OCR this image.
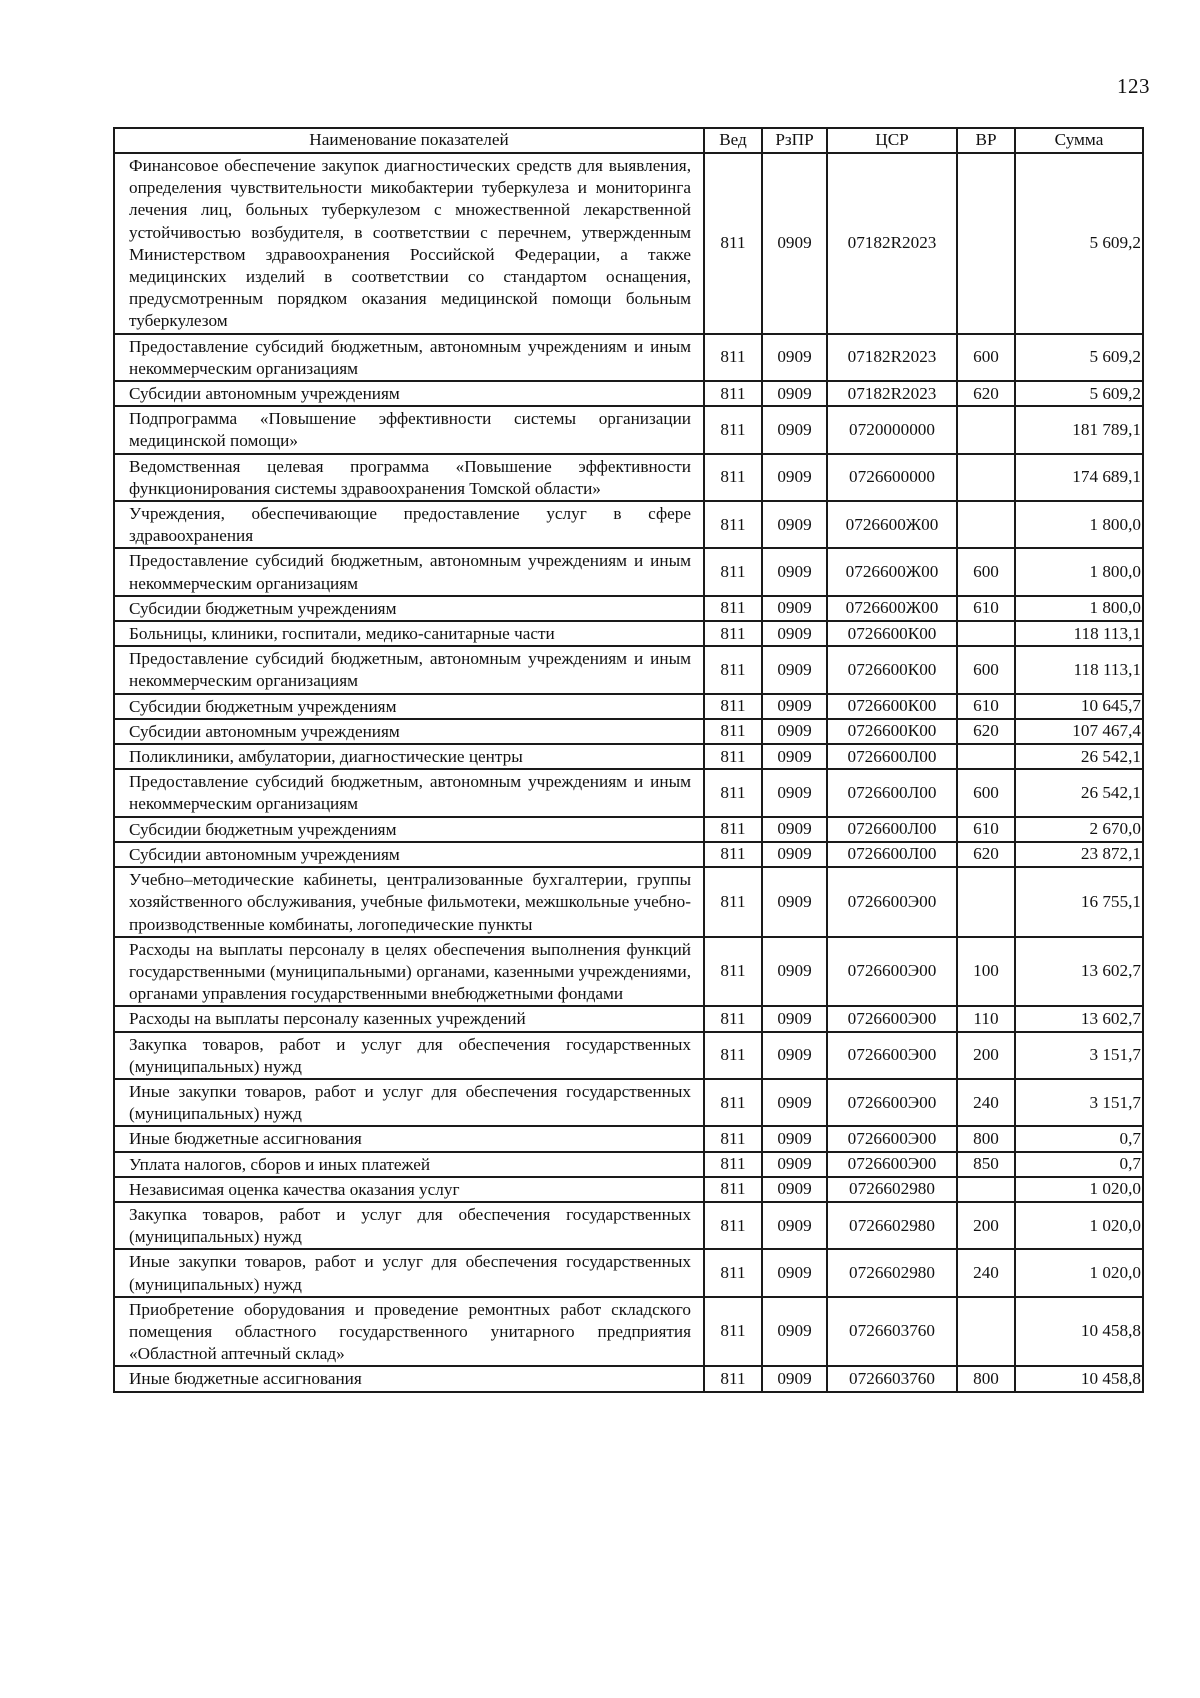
123
Наименование показателей	Вед	РзПР	ЦСР	ВР	Сумма
Финансовое обеспечение закупок диагностических средств для выявления, определения чувствительности микобактерии туберкулеза и мониторинга лечения лиц, больных туберкулезом с множественной лекарственной устойчивостью возбудителя, в соответствии с перечнем, утвержденным Министерством здравоохранения Российской Федерации, а также медицинских изделий в соответствии со стандартом оснащения, предусмотренным порядком оказания медицинской помощи больным туберкулезом	811	0909	07182R2023		5 609,2
Предоставление субсидий бюджетным, автономным учреждениям и иным некоммерческим организациям	811	0909	07182R2023	600	5 609,2
Субсидии автономным учреждениям	811	0909	07182R2023	620	5 609,2
Подпрограмма «Повышение эффективности системы организации медицинской помощи»	811	0909	0720000000		181 789,1
Ведомственная целевая программа «Повышение эффективности функционирования системы здравоохранения Томской области»	811	0909	0726600000		174 689,1
Учреждения, обеспечивающие предоставление услуг в сфере здравоохранения	811	0909	0726600Ж00		1 800,0
Предоставление субсидий бюджетным, автономным учреждениям и иным некоммерческим организациям	811	0909	0726600Ж00	600	1 800,0
Субсидии бюджетным учреждениям	811	0909	0726600Ж00	610	1 800,0
Больницы, клиники, госпитали, медико-санитарные части	811	0909	0726600К00		118 113,1
Предоставление субсидий бюджетным, автономным учреждениям и иным некоммерческим организациям	811	0909	0726600К00	600	118 113,1
Субсидии бюджетным учреждениям	811	0909	0726600К00	610	10 645,7
Субсидии автономным учреждениям	811	0909	0726600К00	620	107 467,4
Поликлиники, амбулатории, диагностические центры	811	0909	0726600Л00		26 542,1
Предоставление субсидий бюджетным, автономным учреждениям и иным некоммерческим организациям	811	0909	0726600Л00	600	26 542,1
Субсидии бюджетным учреждениям	811	0909	0726600Л00	610	2 670,0
Субсидии автономным учреждениям	811	0909	0726600Л00	620	23 872,1
Учебно–методические кабинеты, централизованные бухгалтерии, группы хозяйственного обслуживания, учебные фильмотеки, межшкольные учебно-производственные комбинаты, логопедические пункты	811	0909	0726600Э00		16 755,1
Расходы на выплаты персоналу в целях обеспечения выполнения функций государственными (муниципальными) органами, казенными учреждениями, органами управления государственными внебюджетными фондами	811	0909	0726600Э00	100	13 602,7
Расходы на выплаты персоналу казенных учреждений	811	0909	0726600Э00	110	13 602,7
Закупка товаров, работ и услуг для обеспечения государственных (муниципальных) нужд	811	0909	0726600Э00	200	3 151,7
Иные закупки товаров, работ и услуг для обеспечения государственных (муниципальных) нужд	811	0909	0726600Э00	240	3 151,7
Иные бюджетные ассигнования	811	0909	0726600Э00	800	0,7
Уплата налогов, сборов и иных платежей	811	0909	0726600Э00	850	0,7
Независимая оценка качества оказания услуг	811	0909	0726602980		1 020,0
Закупка товаров, работ и услуг для обеспечения государственных (муниципальных) нужд	811	0909	0726602980	200	1 020,0
Иные закупки товаров, работ и услуг для обеспечения государственных (муниципальных) нужд	811	0909	0726602980	240	1 020,0
Приобретение оборудования и проведение ремонтных работ складского помещения областного государственного унитарного предприятия «Областной аптечный склад»	811	0909	0726603760		10 458,8
Иные бюджетные ассигнования	811	0909	0726603760	800	10 458,8
